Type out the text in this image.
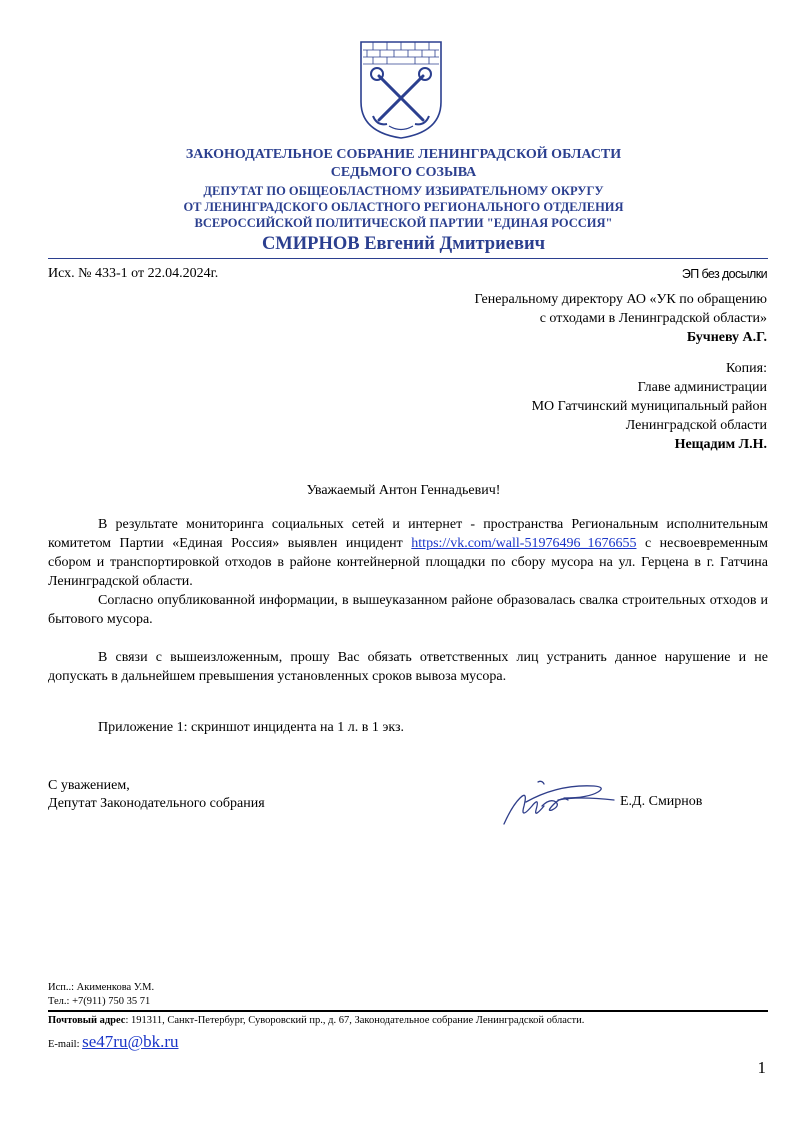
ЗАКОНОДАТЕЛЬНОЕ СОБРАНИЕ ЛЕНИНГРАДСКОЙ ОБЛАСТИ
СЕДЬМОГО СОЗЫВА
ДЕПУТАТ ПО ОБЩЕОБЛАСТНОМУ ИЗБИРАТЕЛЬНОМУ ОКРУГУ
ОТ ЛЕНИНГРАДСКОГО ОБЛАСТНОГО РЕГИОНАЛЬНОГО ОТДЕЛЕНИЯ
ВСЕРОССИЙСКОЙ ПОЛИТИЧЕСКОЙ ПАРТИИ "ЕДИНАЯ РОССИЯ"
СМИРНОВ Евгений Дмитриевич
Исх. № 433-1 от 22.04.2024г.	ЭП без досылки
Генеральному директору АО «УК по обращению
с отходами в Ленинградской области»
Бучневу А.Г.
Копия:
Главе администрации
МО Гатчинский муниципальный район
Ленинградской области
Нещадим Л.Н.
Уважаемый Антон Геннадьевич!
В результате мониторинга социальных сетей и интернет - пространства Региональным исполнительным комитетом Партии «Единая Россия» выявлен инцидент https://vk.com/wall-51976496_1676655 с несвоевременным сбором и транспортировкой отходов в районе контейнерной площадки по сбору мусора на ул. Герцена в г. Гатчина Ленинградской области.
Согласно опубликованной информации, в вышеуказанном районе образовалась свалка строительных отходов и бытового мусора.
В связи с вышеизложенным, прошу Вас обязать ответственных лиц устранить данное нарушение и не допускать в дальнейшем превышения установленных сроков вывоза мусора.
Приложение 1: скриншот инцидента на 1 л. в 1 экз.
С уважением,
Депутат Законодательного собрания	Е.Д. Смирнов
Исп..: Акименкова У.М.
Тел.: +7(911) 750 35 71
Почтовый адрес: 191311, Санкт-Петербург, Суворовский пр., д. 67, Законодательное собрание Ленинградской области.
E-mail: se47ru@bk.ru
1
